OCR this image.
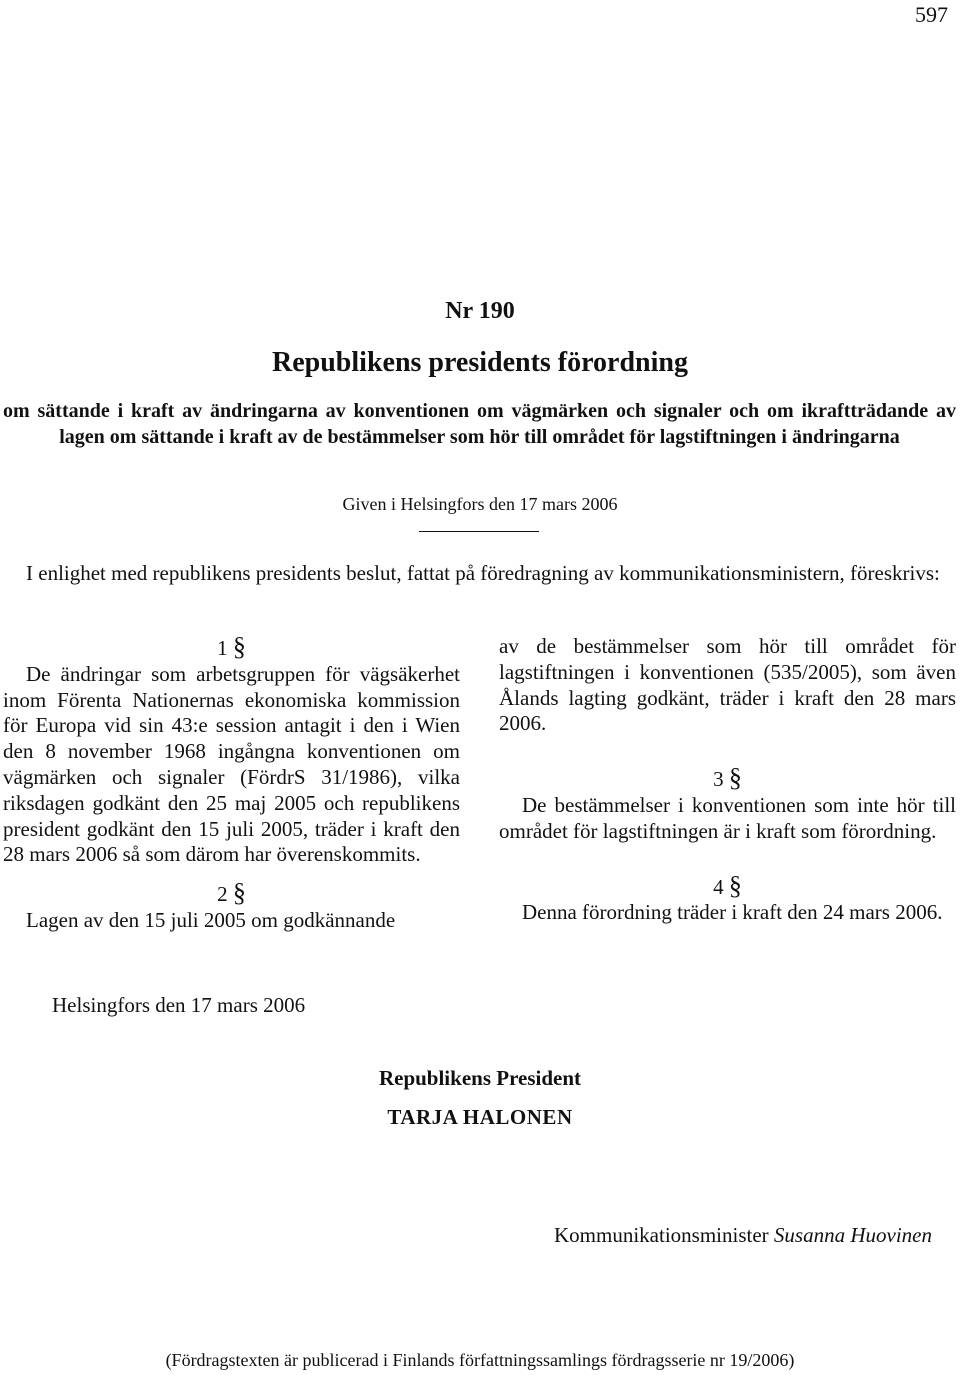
597
Nr 190
Republikens presidents förordning
om sättande i kraft av ändringarna av konventionen om vägmärken och signaler och om ikraftträdande av lagen om sättande i kraft av de bestämmelser som hör till området för lagstiftningen i ändringarna
Given i Helsingfors den 17 mars 2006
I enlighet med republikens presidents beslut, fattat på föredragning av kommunikationsministern, föreskrivs:
1 §

De ändringar som arbetsgruppen för vägsäkerhet inom Förenta Nationernas ekonomiska kommission för Europa vid sin 43:e session antagit i den i Wien den 8 november 1968 ingångna konventionen om vägmärken och signaler (FördrS 31/1986), vilka riksdagen godkänt den 25 maj 2005 och republikens president godkänt den 15 juli 2005, träder i kraft den 28 mars 2006 så som därom har överenskommits.

2 §

Lagen av den 15 juli 2005 om godkännande

av de bestämmelser som hör till området för lagstiftningen i konventionen (535/2005), som även Ålands lagting godkänt, träder i kraft den 28 mars 2006.

3 §

De bestämmelser i konventionen som inte hör till området för lagstiftningen är i kraft som förordning.

4 §

Denna förordning träder i kraft den 24 mars 2006.

Helsingfors den 17 mars 2006
Republikens President
TARJA HALONEN
Kommunikationsminister Susanna Huovinen
(Fördragstexten är publicerad i Finlands författningssamlings fördragsserie nr 19/2006)
